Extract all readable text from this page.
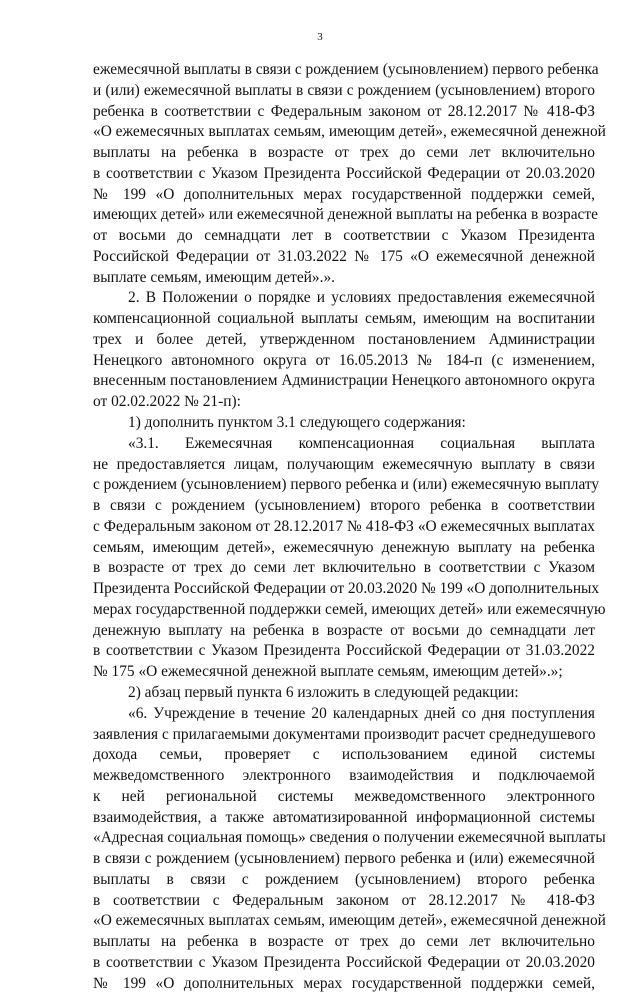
3
ежемесячной выплаты в связи с рождением (усыновлением) первого ребенка
и (или) ежемесячной выплаты в связи с рождением (усыновлением) второго
ребенка в соответствии с Федеральным законом от 28.12.2017 № 418-ФЗ
«О ежемесячных выплатах семьям, имеющим детей», ежемесячной денежной
выплаты на ребенка в возрасте от трех до семи лет включительно
в соответствии с Указом Президента Российской Федерации от 20.03.2020
№ 199 «О дополнительных мерах государственной поддержки семей,
имеющих детей» или ежемесячной денежной выплаты на ребенка в возрасте
от восьми до семнадцати лет в соответствии с Указом Президента
Российской Федерации от 31.03.2022 № 175 «О ежемесячной денежной
выплате семьям, имеющим детей».».
2. В Положении о порядке и условиях предоставления ежемесячной
компенсационной социальной выплаты семьям, имеющим на воспитании
трех и более детей, утвержденном постановлением Администрации
Ненецкого автономного округа от 16.05.2013 № 184-п (с изменением,
внесенным постановлением Администрации Ненецкого автономного округа
от 02.02.2022 № 21-п):
1) дополнить пунктом 3.1 следующего содержания:
«3.1. Ежемесячная компенсационная социальная выплата
не предоставляется лицам, получающим ежемесячную выплату в связи
с рождением (усыновлением) первого ребенка и (или) ежемесячную выплату
в связи с рождением (усыновлением) второго ребенка в соответствии
с Федеральным законом от 28.12.2017 № 418-ФЗ «О ежемесячных выплатах
семьям, имеющим детей», ежемесячную денежную выплату на ребенка
в возрасте от трех до семи лет включительно в соответствии с Указом
Президента Российской Федерации от 20.03.2020 № 199 «О дополнительных
мерах государственной поддержки семей, имеющих детей» или ежемесячную
денежную выплату на ребенка в возрасте от восьми до семнадцати лет
в соответствии с Указом Президента Российской Федерации от 31.03.2022
№ 175 «О ежемесячной денежной выплате семьям, имеющим детей».»;
2) абзац первый пункта 6 изложить в следующей редакции:
«6. Учреждение в течение 20 календарных дней со дня поступления
заявления с прилагаемыми документами производит расчет среднедушевого
дохода семьи, проверяет с использованием единой системы
межведомственного электронного взаимодействия и подключаемой
к ней региональной системы межведомственного электронного
взаимодействия, а также автоматизированной информационной системы
«Адресная социальная помощь» сведения о получении ежемесячной выплаты
в связи с рождением (усыновлением) первого ребенка и (или) ежемесячной
выплаты в связи с рождением (усыновлением) второго ребенка
в соответствии с Федеральным законом от 28.12.2017 № 418-ФЗ
«О ежемесячных выплатах семьям, имеющим детей», ежемесячной денежной
выплаты на ребенка в возрасте от трех до семи лет включительно
в соответствии с Указом Президента Российской Федерации от 20.03.2020
№ 199 «О дополнительных мерах государственной поддержки семей,
